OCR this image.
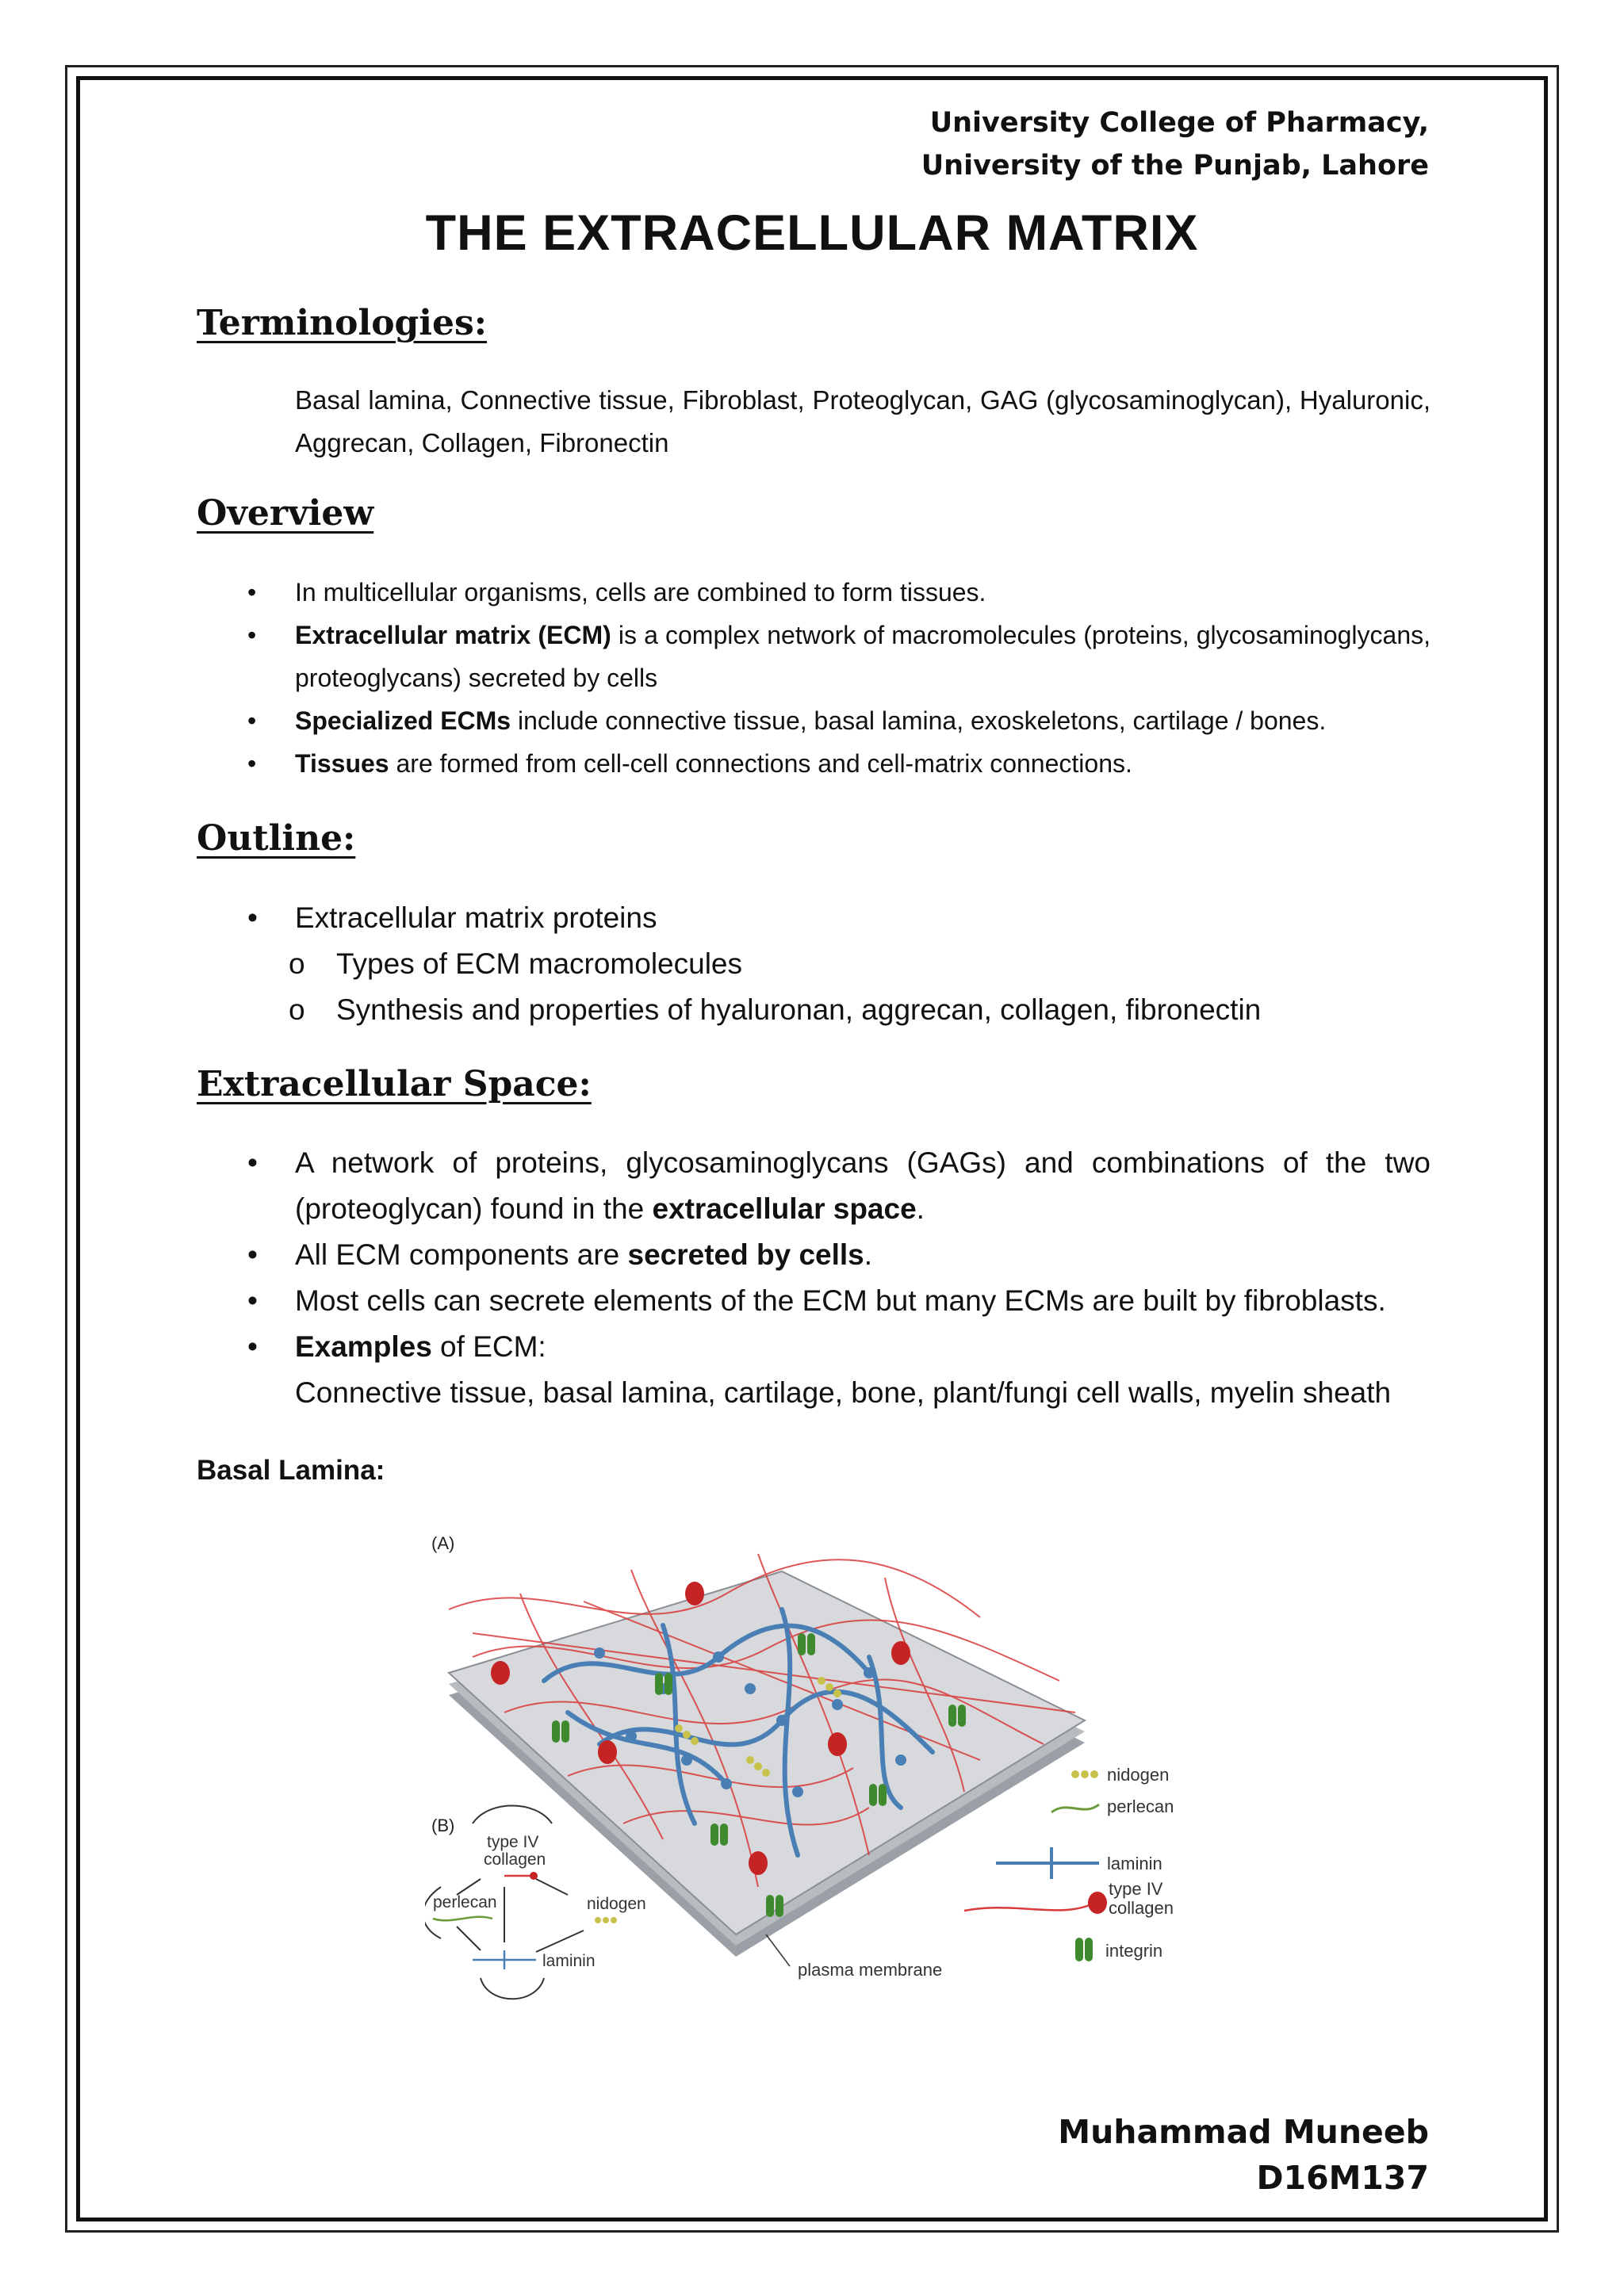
University College of Pharmacy,
University of the Punjab, Lahore
THE EXTRACELLULAR MATRIX
Terminologies:
Basal lamina, Connective tissue, Fibroblast, Proteoglycan, GAG (glycosaminoglycan), Hyaluronic, Aggrecan, Collagen, Fibronectin
Overview
• In multicellular organisms, cells are combined to form tissues.
• Extracellular matrix (ECM) is a complex network of macromolecules (proteins, glycosaminoglycans, proteoglycans) secreted by cells
• Specialized ECMs include connective tissue, basal lamina, exoskeletons, cartilage / bones.
• Tissues are formed from cell-cell connections and cell-matrix connections.
Outline:
• Extracellular matrix proteins
o Types of ECM macromolecules
o Synthesis and properties of hyaluronan, aggrecan, collagen, fibronectin
Extracellular Space:
• A network of proteins, glycosaminoglycans (GAGs) and combinations of the two (proteoglycan) found in the extracellular space.
• All ECM components are secreted by cells.
• Most cells can secrete elements of the ECM but many ECMs are built by fibroblasts.
• Examples of ECM:
Connective tissue, basal lamina, cartilage, bone, plant/fungi cell walls, myelin sheath
Basal Lamina:
(A)
plasma membrane
nidogen
perlecan
laminin
type IV
collagen
integrin
(B)
type IV
collagen
perlecan	nidogen
laminin
Muhammad Muneeb
D16M137
